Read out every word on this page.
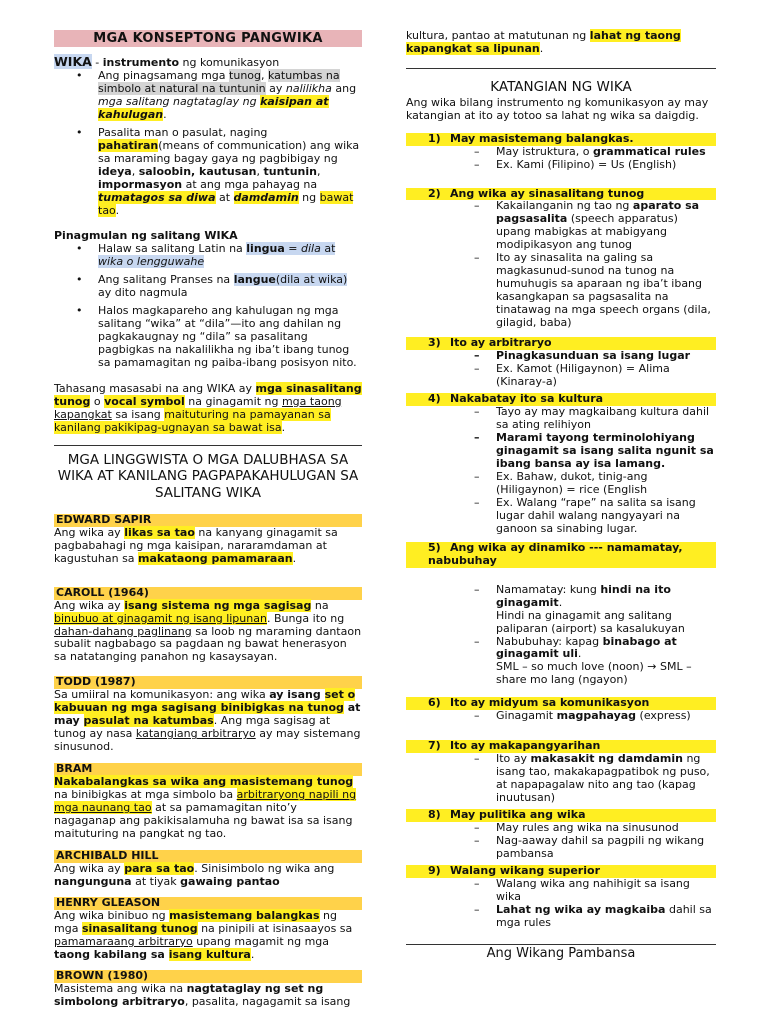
MGA KONSEPTONG PANGWIKA

WIKA - instrumento ng komunikasyon

• Ang pinagsamang mga tunog, katumbas na simbolo at natural na tuntunin ay nalilikha ang mga salitang nagtataglay ng kaisipan at kahulugan.
• Pasalita man o pasulat, naging pahatiran(means of communication) ang wika sa maraming bagay gaya ng pagbibigay ng ideya, saloobin, kautusan, tuntunin, impormasyon at ang mga pahayag na tumatagos sa diwa at damdamin ng bawat tao.

Pinagmulan ng salitang WIKA

• Halaw sa salitang Latin na lingua = dila at wika o lengguwahe
• Ang salitang Pranses na langue(dila at wika) ay dito nagmula
• Halos magkapareho ang kahulugan ng mga salitang “wika” at “dila”—ito ang dahilan ng pagkakaugnay ng “dila” sa pasalitang pagbigkas na nakalilikha ng iba’t ibang tunog sa pamamagitan ng paiba-ibang posisyon nito.

Tahasang masasabi na ang WIKA ay mga sinasalitang tunog o vocal symbol na ginagamit ng mga taong kapangkat sa isang maituturing na pamayanan sa kanilang pakikipag-ugnayan sa bawat isa.

MGA LINGGWISTA O MGA DALUBHASA SA WIKA AT KANILANG PAGPAPAKAHULUGAN SA SALITANG WIKA
EDWARD SAPIR

Ang wika ay likas sa tao na kanyang ginagamit sa pagbabahagi ng mga kaisipan, nararamdaman at kagustuhan sa makataong pamamaraan.

CAROLL (1964)

Ang wika ay isang sistema ng mga sagisag na binubuo at ginagamit ng isang lipunan. Bunga ito ng dahan-dahang paglinang sa loob ng maraming dantaon subalit nagbabago sa pagdaan ng bawat henerasyon sa natatanging panahon ng kasaysayan.

TODD (1987)

Sa umiiral na komunikasyon: ang wika ay isang set o kabuuan ng mga sagisang binibigkas na tunog at may pasulat na katumbas. Ang mga sagisag at tunog ay nasa katangiang arbitraryo ay may sistemang sinusunod.

BRAM

Nakabalangkas sa wika ang masistemang tunog na binibigkas at mga simbolo ba arbitraryong napili ng mga naunang tao at sa pamamagitan nito’y nagaganap ang pakikisalamuha ng bawat isa sa isang maituturing na pangkat ng tao.

ARCHIBALD HILL

Ang wika ay para sa tao. Sinisimbolo ng wika ang nangunguna at tiyak gawaing pantao

HENRY GLEASON

Ang wika binibuo ng masistemang balangkas ng mga sinasalitang tunog na pinipili at isinasaayos sa pamamaraang arbitraryo upang magamit ng mga taong kabilang sa isang kultura.

BROWN (1980)

Masistema ang wika na nagtataglay ng set ng simbolong arbitraryo, pasalita, nagagamit sa isang

kultura, pantao at matutunan ng lahat ng taong kapangkat sa lipunan.

KATANGIAN NG WIKA

Ang wika bilang instrumento ng komunikasyon ay may katangian at ito ay totoo sa lahat ng wika sa daigdig.

1) May masistemang balangkas.
– May istruktura, o grammatical rules
– Ex. Kami (Filipino) = Us (English)
2) Ang wika ay sinasalitang tunog
– Kakailanganin ng tao ng aparato sa pagsasalita (speech apparatus) upang mabigkas at mabigyang modipikasyon ang tunog
– Ito ay sinasalita na galing sa magkasunud-sunod na tunog na humuhugis sa aparaan ng iba’t ibang kasangkapan sa pagsasalita na tinatawag na mga speech organs (dila, gilagid, baba)
3) Ito ay arbitraryo
– Pinagkasunduan sa isang lugar
– Ex. Kamot (Hiligaynon) = Alima (Kinaray-a)
4) Nakabatay ito sa kultura
– Tayo ay may magkaibang kultura dahil sa ating relihiyon
– Marami tayong terminolohiyang ginagamit sa isang salita ngunit sa ibang bansa ay isa lamang.
– Ex. Bahaw, dukot, tinig-ang (Hiligaynon) = rice (English
– Ex. Walang “rape” na salita sa isang lugar dahil walang nangyayari na ganoon sa sinabing lugar.
5) Ang wika ay dinamiko --- namamatay, nabubuhay
– Namamatay: kung hindi na ito ginagamit.
Hindi na ginagamit ang salitang paliparan (airport) sa kasalukuyan
– Nabubuhay: kapag binabago at ginagamit uli.
SML – so much love (noon) → SML – share mo lang (ngayon)
6) Ito ay midyum sa komunikasyon
– Ginagamit magpahayag (express)
7) Ito ay makapangyarihan
– Ito ay makasakit ng damdamin ng isang tao, makakapagpatibok ng puso, at napapagalaw nito ang tao (kapag inuutusan)
8) May pulitika ang wika
– May rules ang wika na sinusunod
– Nag-aaway dahil sa pagpili ng wikang pambansa
9) Walang wikang superior
– Walang wika ang nahihigit sa isang wika
– Lahat ng wika ay magkaiba dahil sa mga rules
Ang Wikang Pambansa
